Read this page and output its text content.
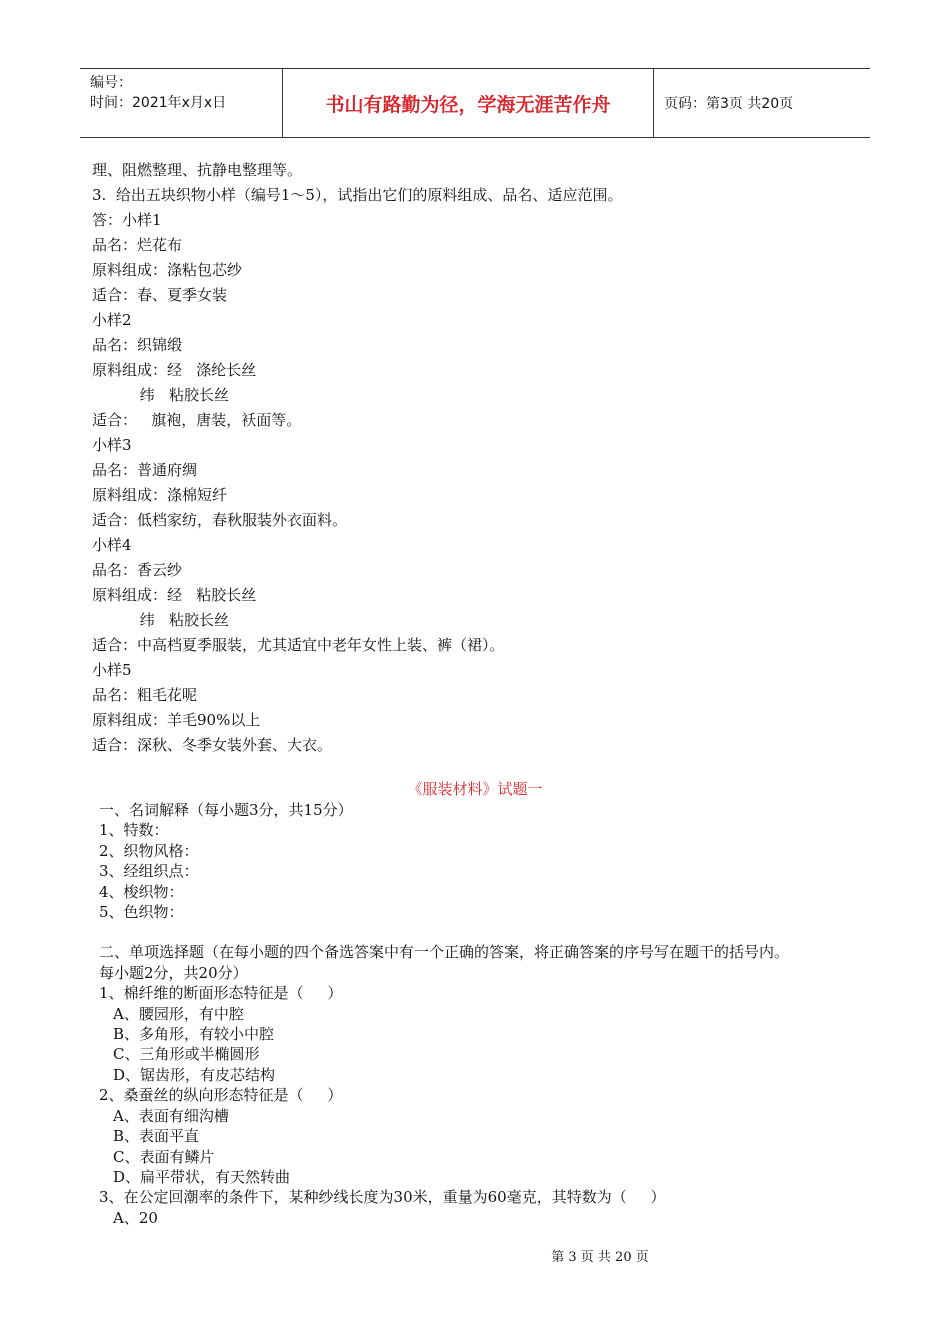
编号：
时间：2021年x月x日	书山有路勤为径，学海无涯苦作舟	页码：第3页 共20页
理、阻燃整理、抗静电整理等。
3.  给出五块织物小样（编号1～5），试指出它们的原料组成、品名、适应范围。
答：小样1
品名：烂花布
原料组成：涤粘包芯纱
适合：春、夏季女装
小样2
品名：织锦缎
原料组成：经   涤纶长丝
纬   粘胶长丝
适合：   旗袍，唐装，袄面等。
小样3
品名：普通府绸
原料组成：涤棉短纤
适合：低档家纺，春秋服装外衣面料。
小样4
品名：香云纱
原料组成：经   粘胶长丝
纬   粘胶长丝
适合：中高档夏季服装，尤其适宜中老年女性上装、裤（裙）。
小样5
品名：粗毛花呢
原料组成：羊毛90%以上
适合：深秋、冬季女装外套、大衣。
《服装材料》试题一
一、名词解释（每小题3分，共15分）
1、特数：
2、织物风格：
3、经组织点：
4、梭织物：
5、色织物：
二、单项选择题（在每小题的四个备选答案中有一个正确的答案，将正确答案的序号写在题干的括号内。
每小题2分，共20分）
1、棉纤维的断面形态特征是（     ）
A、腰园形，有中腔
B、多角形，有较小中腔
C、三角形或半椭圆形
D、锯齿形，有皮芯结构
2、桑蚕丝的纵向形态特征是（     ）
A、表面有细沟槽
B、表面平直
C、表面有鳞片
D、扁平带状，有天然转曲
3、在公定回潮率的条件下，某种纱线长度为30米，重量为60毫克，其特数为（     ）
A、20
第 3 页 共 20 页
